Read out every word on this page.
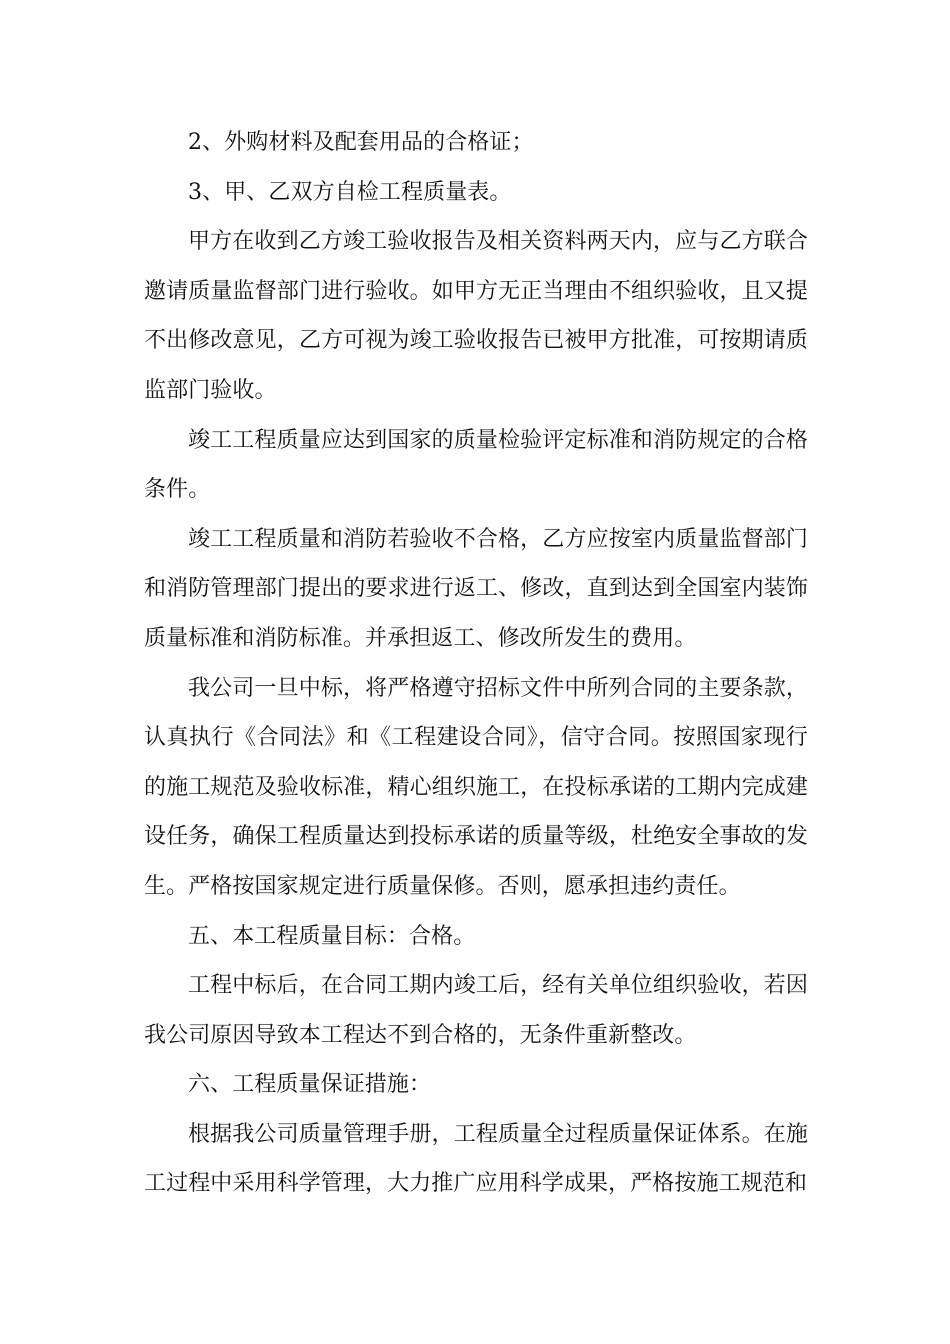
2、外购材料及配套用品的合格证；

3、甲、乙双方自检工程质量表。

甲方在收到乙方竣工验收报告及相关资料两天内，应与乙方联合邀请质量监督部门进行验收。如甲方无正当理由不组织验收，且又提不出修改意见，乙方可视为竣工验收报告已被甲方批准，可按期请质监部门验收。

竣工工程质量应达到国家的质量检验评定标准和消防规定的合格条件。

竣工工程质量和消防若验收不合格，乙方应按室内质量监督部门和消防管理部门提出的要求进行返工、修改，直到达到全国室内装饰质量标准和消防标准。并承担返工、修改所发生的费用。

我公司一旦中标，将严格遵守招标文件中所列合同的主要条款，认真执行《合同法》和《工程建设合同》，信守合同。按照国家现行的施工规范及验收标准，精心组织施工，在投标承诺的工期内完成建设任务，确保工程质量达到投标承诺的质量等级，杜绝安全事故的发生。严格按国家规定进行质量保修。否则，愿承担违约责任。

五、本工程质量目标：合格。

工程中标后，在合同工期内竣工后，经有关单位组织验收，若因我公司原因导致本工程达不到合格的，无条件重新整改。

六、工程质量保证措施：

根据我公司质量管理手册，工程质量全过程质量保证体系。在施工过程中采用科学管理，大力推广应用科学成果，严格按施工规范和
